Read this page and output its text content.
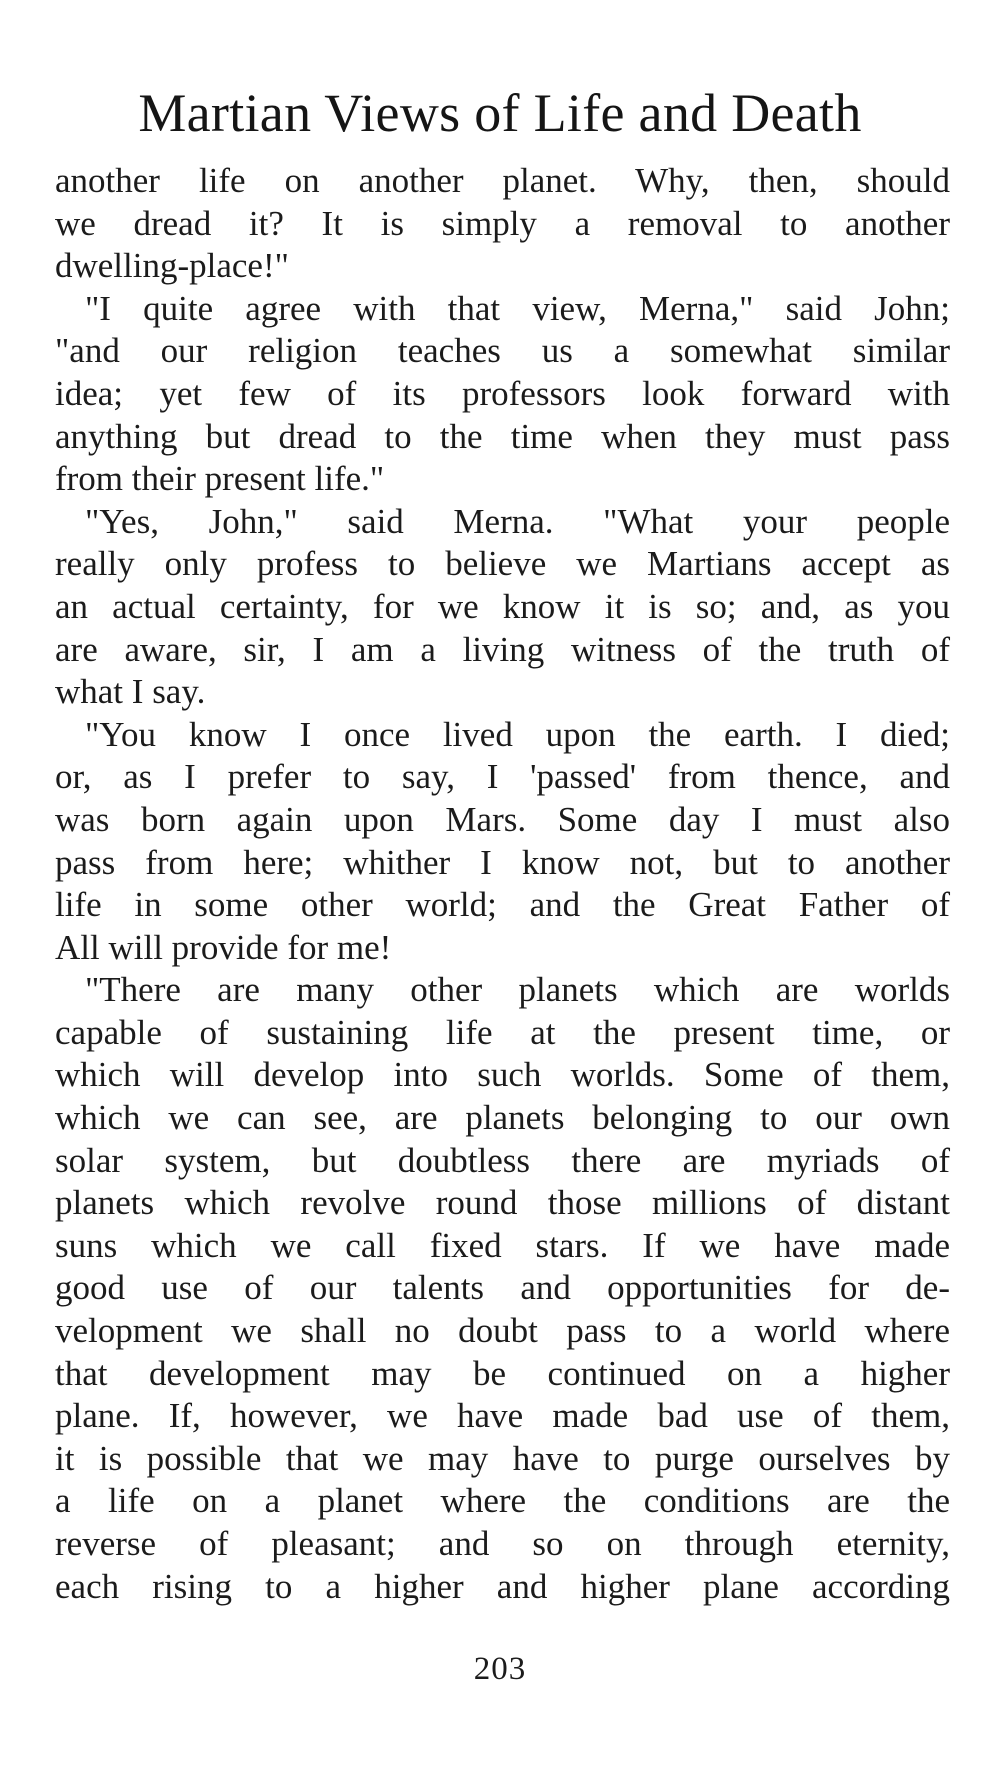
Martian Views of Life and Death
another life on another planet. Why, then, should
we dread it? It is simply a removal to another
dwelling-place!"
"I quite agree with that view, Merna," said John;
"and our religion teaches us a somewhat similar
idea; yet few of its professors look forward with
anything but dread to the time when they must pass
from their present life."
"Yes, John," said Merna. "What your people
really only profess to believe we Martians accept as
an actual certainty, for we know it is so; and, as you
are aware, sir, I am a living witness of the truth of
what I say.
"You know I once lived upon the earth. I died;
or, as I prefer to say, I 'passed' from thence, and
was born again upon Mars. Some day I must also
pass from here; whither I know not, but to another
life in some other world; and the Great Father of
All will provide for me!
"There are many other planets which are worlds
capable of sustaining life at the present time, or
which will develop into such worlds. Some of them,
which we can see, are planets belonging to our own
solar system, but doubtless there are myriads of
planets which revolve round those millions of distant
suns which we call fixed stars. If we have made
good use of our talents and opportunities for de-
velopment we shall no doubt pass to a world where
that development may be continued on a higher
plane. If, however, we have made bad use of them,
it is possible that we may have to purge ourselves by
a life on a planet where the conditions are the
reverse of pleasant; and so on through eternity,
each rising to a higher and higher plane according
203
